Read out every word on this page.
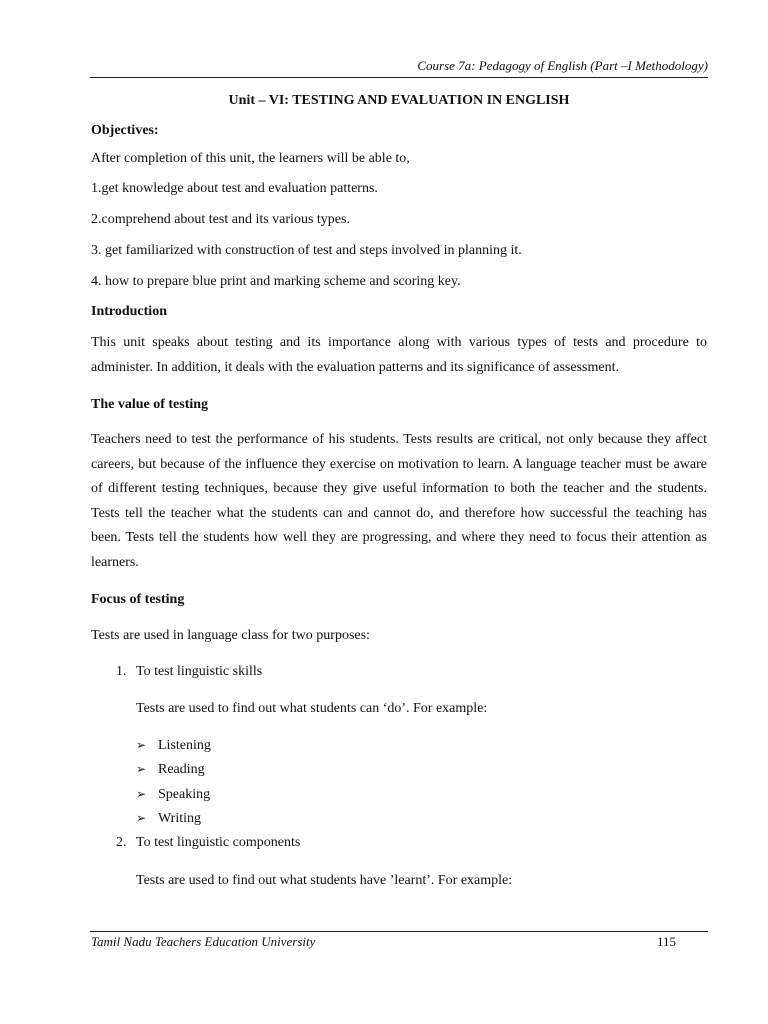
Course 7a: Pedagogy of English (Part –I Methodology)
Unit – VI: TESTING AND EVALUATION IN ENGLISH
Objectives:
After completion of this unit, the learners will be able to,
1.get knowledge about test and evaluation patterns.
2.comprehend about test and its various types.
3. get familiarized with construction of test and steps involved in planning it.
4. how to prepare blue print and marking scheme and scoring key.
Introduction
This unit speaks about testing and its importance along with various types of tests and procedure to administer. In addition, it deals with the evaluation patterns and its significance of assessment.
The value of testing
Teachers need to test the performance of his students. Tests results are critical, not only because they affect careers, but because of the influence they exercise on motivation to learn. A language teacher must be aware of different testing techniques, because they give useful information to both the teacher and the students. Tests tell the teacher what the students can and cannot do, and therefore how successful the teaching has been. Tests tell the students how well they are progressing, and where they need to focus their attention as learners.
Focus of testing
Tests are used in language class for two purposes:
1. To test linguistic skills
Tests are used to find out what students can ‘do’. For example:
➢ Listening
➢ Reading
➢ Speaking
➢ Writing
2. To test linguistic components
Tests are used to find out what students have ’learnt’. For example:
Tamil Nadu Teachers Education University	115
